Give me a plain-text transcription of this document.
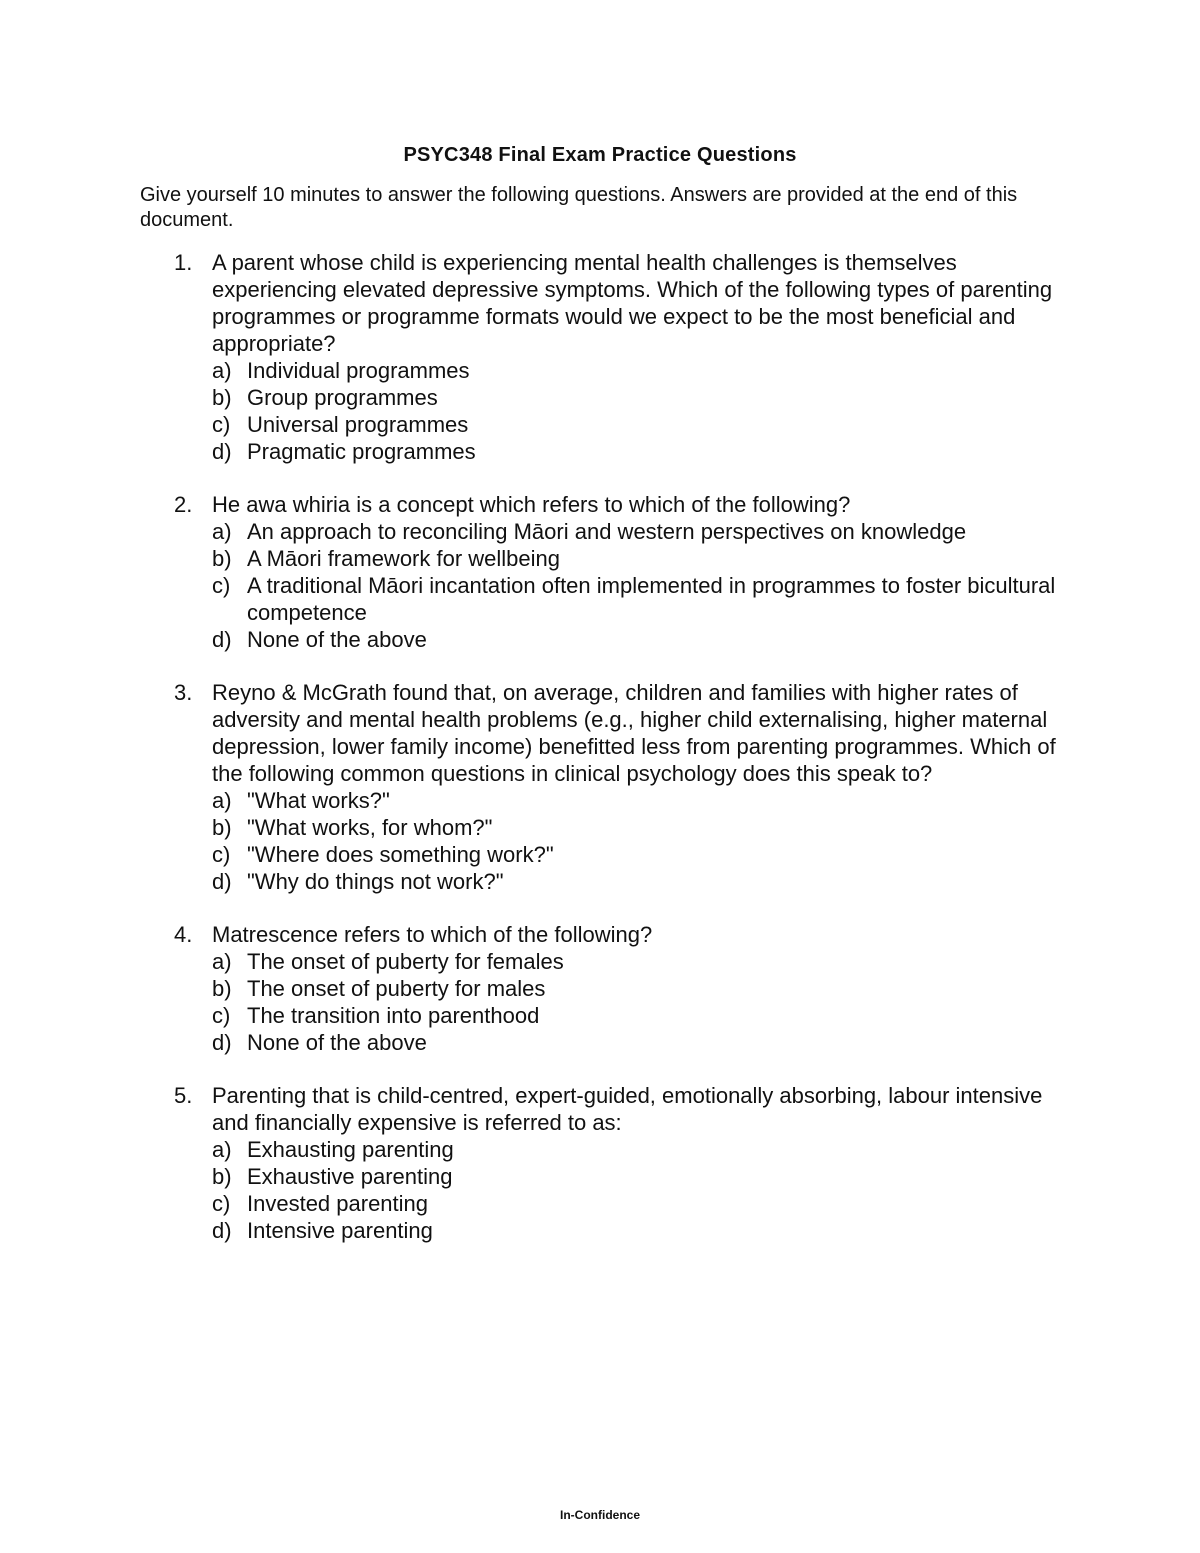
PSYC348 Final Exam Practice Questions
Give yourself 10 minutes to answer the following questions. Answers are provided at the end of this document.
1. A parent whose child is experiencing mental health challenges is themselves experiencing elevated depressive symptoms. Which of the following types of parenting programmes or programme formats would we expect to be the most beneficial and appropriate?
a) Individual programmes
b) Group programmes
c) Universal programmes
d) Pragmatic programmes
2. He awa whiria is a concept which refers to which of the following?
a) An approach to reconciling Māori and western perspectives on knowledge
b) A Māori framework for wellbeing
c) A traditional Māori incantation often implemented in programmes to foster bicultural competence
d) None of the above
3. Reyno & McGrath found that, on average, children and families with higher rates of adversity and mental health problems (e.g., higher child externalising, higher maternal depression, lower family income) benefitted less from parenting programmes. Which of the following common questions in clinical psychology does this speak to?
a) "What works?"
b) "What works, for whom?"
c) "Where does something work?"
d) "Why do things not work?"
4. Matrescence refers to which of the following?
a) The onset of puberty for females
b) The onset of puberty for males
c) The transition into parenthood
d) None of the above
5. Parenting that is child-centred, expert-guided, emotionally absorbing, labour intensive and financially expensive is referred to as:
a) Exhausting parenting
b) Exhaustive parenting
c) Invested parenting
d) Intensive parenting
In-Confidence
